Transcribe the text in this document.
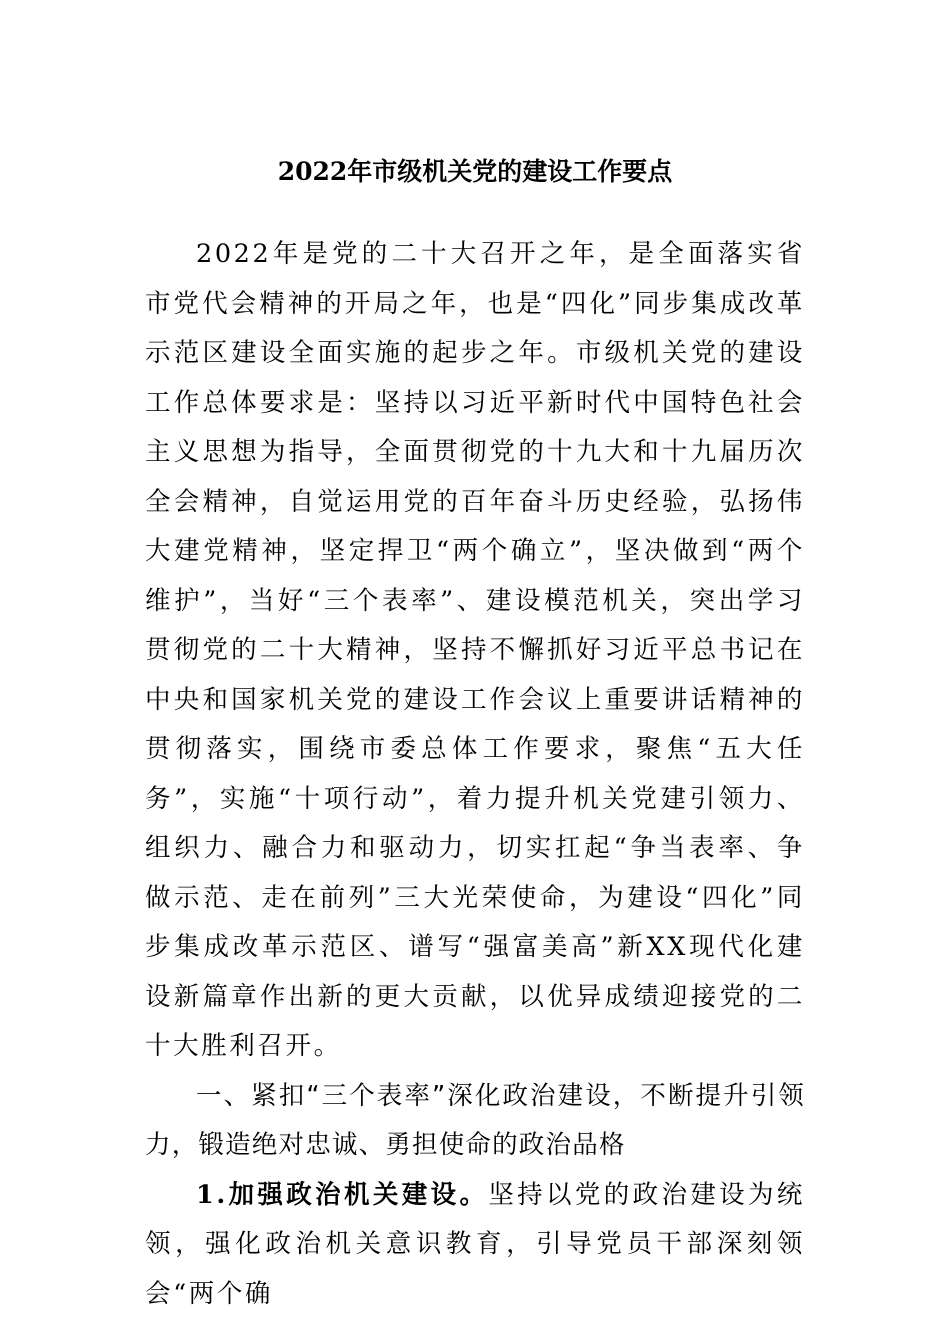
2022年市级机关党的建设工作要点

2022年是党的二十大召开之年，是全面落实省市党代会精神的开局之年，也是“四化”同步集成改革示范区建设全面实施的起步之年。市级机关党的建设工作总体要求是：坚持以习近平新时代中国特色社会主义思想为指导，全面贯彻党的十九大和十九届历次全会精神，自觉运用党的百年奋斗历史经验，弘扬伟大建党精神，坚定捍卫“两个确立”，坚决做到“两个维护”，当好“三个表率”、建设模范机关，突出学习贯彻党的二十大精神，坚持不懈抓好习近平总书记在中央和国家机关党的建设工作会议上重要讲话精神的贯彻落实，围绕市委总体工作要求，聚焦“五大任务”，实施“十项行动”，着力提升机关党建引领力、组织力、融合力和驱动力，切实扛起“争当表率、争做示范、走在前列”三大光荣使命，为建设“四化”同步集成改革示范区、谱写“强富美高”新XX现代化建设新篇章作出新的更大贡献，以优异成绩迎接党的二十大胜利召开。

一、紧扣“三个表率”深化政治建设，不断提升引领力，锻造绝对忠诚、勇担使命的政治品格

1.加强政治机关建设。坚持以党的政治建设为统领，强化政治机关意识教育，引导党员干部深刻领会“两个确
